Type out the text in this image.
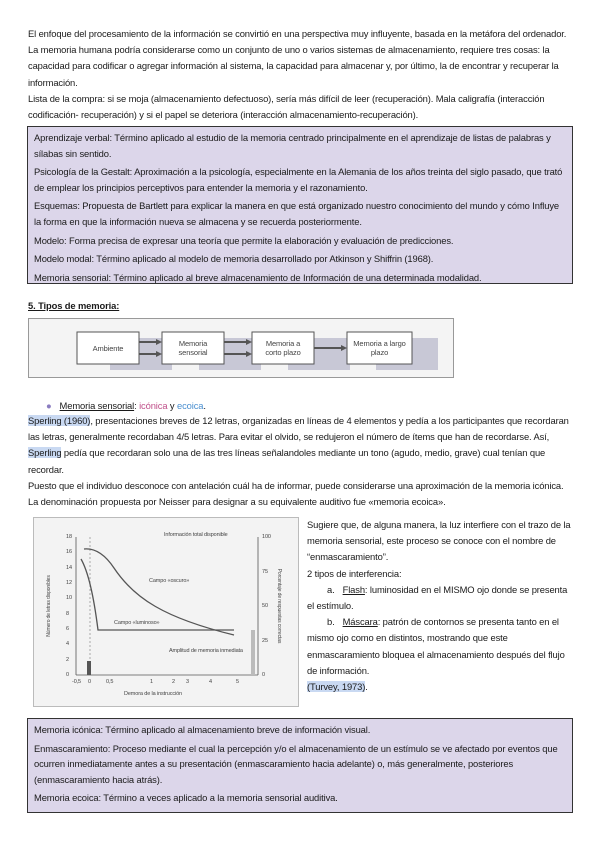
El enfoque del procesamiento de la información se convirtió en una perspectiva muy influyente, basada en la metáfora del ordenador. La memoria humana podría considerarse como un conjunto de uno o varios sistemas de almacenamiento, requiere tres cosas: la capacidad para codificar o agregar información al sistema, la capacidad para almacenar y, por último, la de encontrar y recuperar la información.

Lista de la compra: si se moja (almacenamiento defectuoso), sería más difícil de leer (recuperación). Mala caligrafía (interacción codificación- recuperación) y si el papel se deteriora (interacción almacenamiento-recuperación).

Aprendizaje verbal: Término aplicado al estudio de la memoria centrado principalmente en el aprendizaje de listas de palabras y sílabas sin sentido.

Psicología de la Gestalt: Aproximación a la psicología, especialmente en la Alemania de los años treinta del siglo pasado, que trató de emplear los principios perceptivos para entender la memoria y el razonamiento.

Esquemas: Propuesta de Bartlett para explicar la manera en que está organizado nuestro conocimiento del mundo y cómo Influye la forma en que la información nueva se almacena y se recuerda posteriormente.

Modelo: Forma precisa de expresar una teoría que permite la elaboración y evaluación de predicciones.

Modelo modal: Término aplicado al modelo de memoria desarrollado por Atkinson y Shiffrin (1968).

Memoria sensorial: Término aplicado al breve almacenamiento de Información de una determinada modalidad.

5. Tipos de memoria:
Ambiente	Memoria sensorial
Memoria a corto plazo
Memoria a largo plazo
● Memoria sensorial: icónica y ecoica.

Sperling (1960), presentaciones breves de 12 letras, organizadas en líneas de 4 elementos y pedía a los participantes que recordaran las letras, generalmente recordaban 4/5 letras. Para evitar el olvido, se redujeron el número de ítems que han de recordarse. Así, Sperling pedía que recordaran solo una de las tres líneas señalandoles mediante un tono (agudo, medio, grave) cual tenían que recordar.

Puesto que el individuo desconoce con antelación cuál ha de informar, puede considerarse una aproximación de la memoria icónica. La denominación propuesta por Neisser para designar a su equivalente auditivo fue «memoria ecoica».

Información total disponible
Campo «oscuro»
Campo «luminoso»
Amplitud de memoria inmediata
Demora de la instrucción
Número de letras disponibles	Porcentaje de respuestas correctas
0
2
4
6
8
10
12
14
16
18
0
25
50
75
100
-0,5 0	0,5	1	2 3	4	5

Sugiere que, de alguna manera, la luz interfiere con el trazo de la memoria sensorial, este proceso se conoce con el nombre de “enmascaramiento”.

2 tipos de interferencia:

a. Flash: luminosidad en el MISMO ojo donde se presenta el estímulo.

b. Máscara: patrón de contornos se presenta tanto en el mismo ojo como en distintos, mostrando que este enmascaramiento bloquea el almacenamiento después del flujo de información.

(Turvey, 1973).

Memoria icónica: Término aplicado al almacenamiento breve de información visual.

Enmascaramiento: Proceso mediante el cual la percepción y/o el almacenamiento de un estímulo se ve afectado por eventos que ocurren inmediatamente antes a su presentación (enmascaramiento hacia adelante) o, más generalmente, posteriores (enmascaramiento hacia atrás).

Memoria ecoica: Término a veces aplicado a la memoria sensorial auditiva.
